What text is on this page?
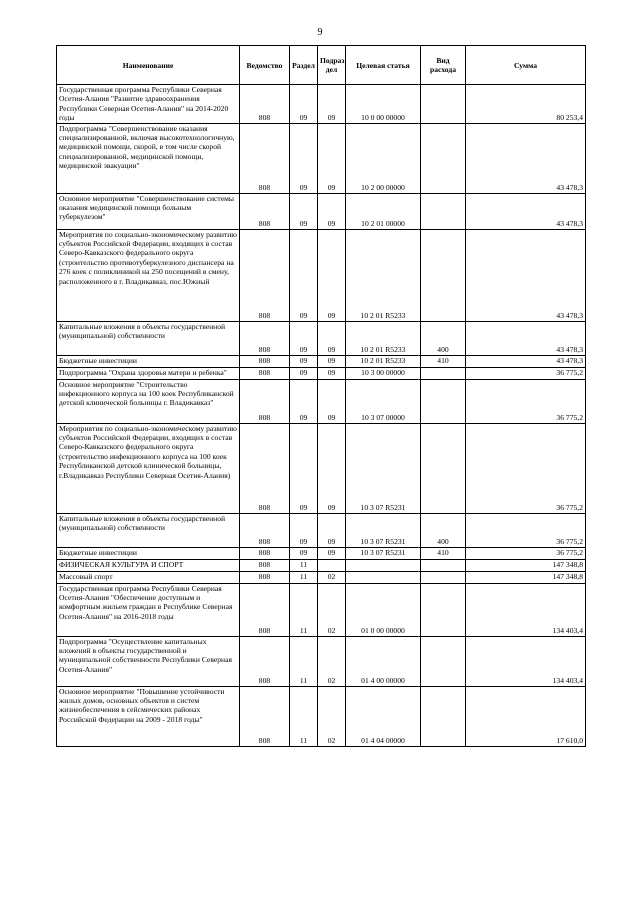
9
Наименование	Ведомство	Раздел	Подраз дел	Целевая статья	Вид расхода	Сумма
Государственная программа Республики Северная Осетия-Алания "Развитие здравоохранения Республики Северная Осетия-Алания" на 2014-2020 годы	808	09	09	10 0 00 00000		80 253,4
Подпрограмма "Совершенствование оказания специализированной, включая высокотехнологичную, медицинской помощи, скорой, в том числе скорой специализированной, медицинской помощи, медицинской эвакуации"	808	09	09	10 2 00 00000		43 478,3
Основное мероприятие "Совершенствование системы оказания медицинской помощи больным туберкулезом"	808	09	09	10 2 01 00000		43 478,3
Мероприятия по социально-экономическому развитию субъектов Российской Федерации, входящих в состав Северо-Кавказского федерального округа (строительство противотуберкулезного диспансера на 276 коек с поликлиникой на 250 посещений в смену, расположенного в г. Владикавказ, пос.Южный	808	09	09	10 2 01 R5233		43 478,3
Капитальные вложения в объекты государственной (муниципальной) собственности	808	09	09	10 2 01 R5233	400	43 478,3
Бюджетные инвестиции	808	09	09	10 2 01 R5233	410	43 478,3
Подпрограмма "Охрана здоровья матери и ребенка"	808	09	09	10 3 00 00000		36 775,2
Основное мероприятие "Строительство инфекционного корпуса на 100 коек Республиканской детской клинической больницы г. Владикавказ"	808	09	09	10 3 07 00000		36 775,2
Мероприятия по социально-экономическому развитию субъектов Российской Федерации, входящих в состав Северо-Кавказского федерального округа (строительство инфекционного корпуса на 100 коек Республиканской детской клинической больницы, г.Владикавказ Республики Северная Осетия-Алания)	808	09	09	10 3 07 R5231		36 775,2
Капитальные вложения в объекты государственной (муниципальной) собственности	808	09	09	10 3 07 R5231	400	36 775,2
Бюджетные инвестиции	808	09	09	10 3 07 R5231	410	36 775,2
ФИЗИЧЕСКАЯ КУЛЬТУРА И СПОРТ	808	11				147 348,8
Массовый спорт	808	11	02			147 348,8
Государственная программа Республики Северная Осетия-Алания "Обеспечение доступным и комфортным жильем граждан в Республике Северная Осетия-Алания" на 2016-2018 годы	808	11	02	01 0 00 00000		134 403,4
Подпрограмма "Осуществление капитальных вложений в объекты государственной и муниципальной собственности Республики Северная Осетия-Алания"	808	11	02	01 4 00 00000		134 403,4
Основное мероприятие "Повышение устойчивости жилых домов, основных объектов и систем жизнеобеспечения в сейсмических районах Российской Федерации на 2009 - 2018 годы"	808	11	02	01 4 04 00000		17 610,0
